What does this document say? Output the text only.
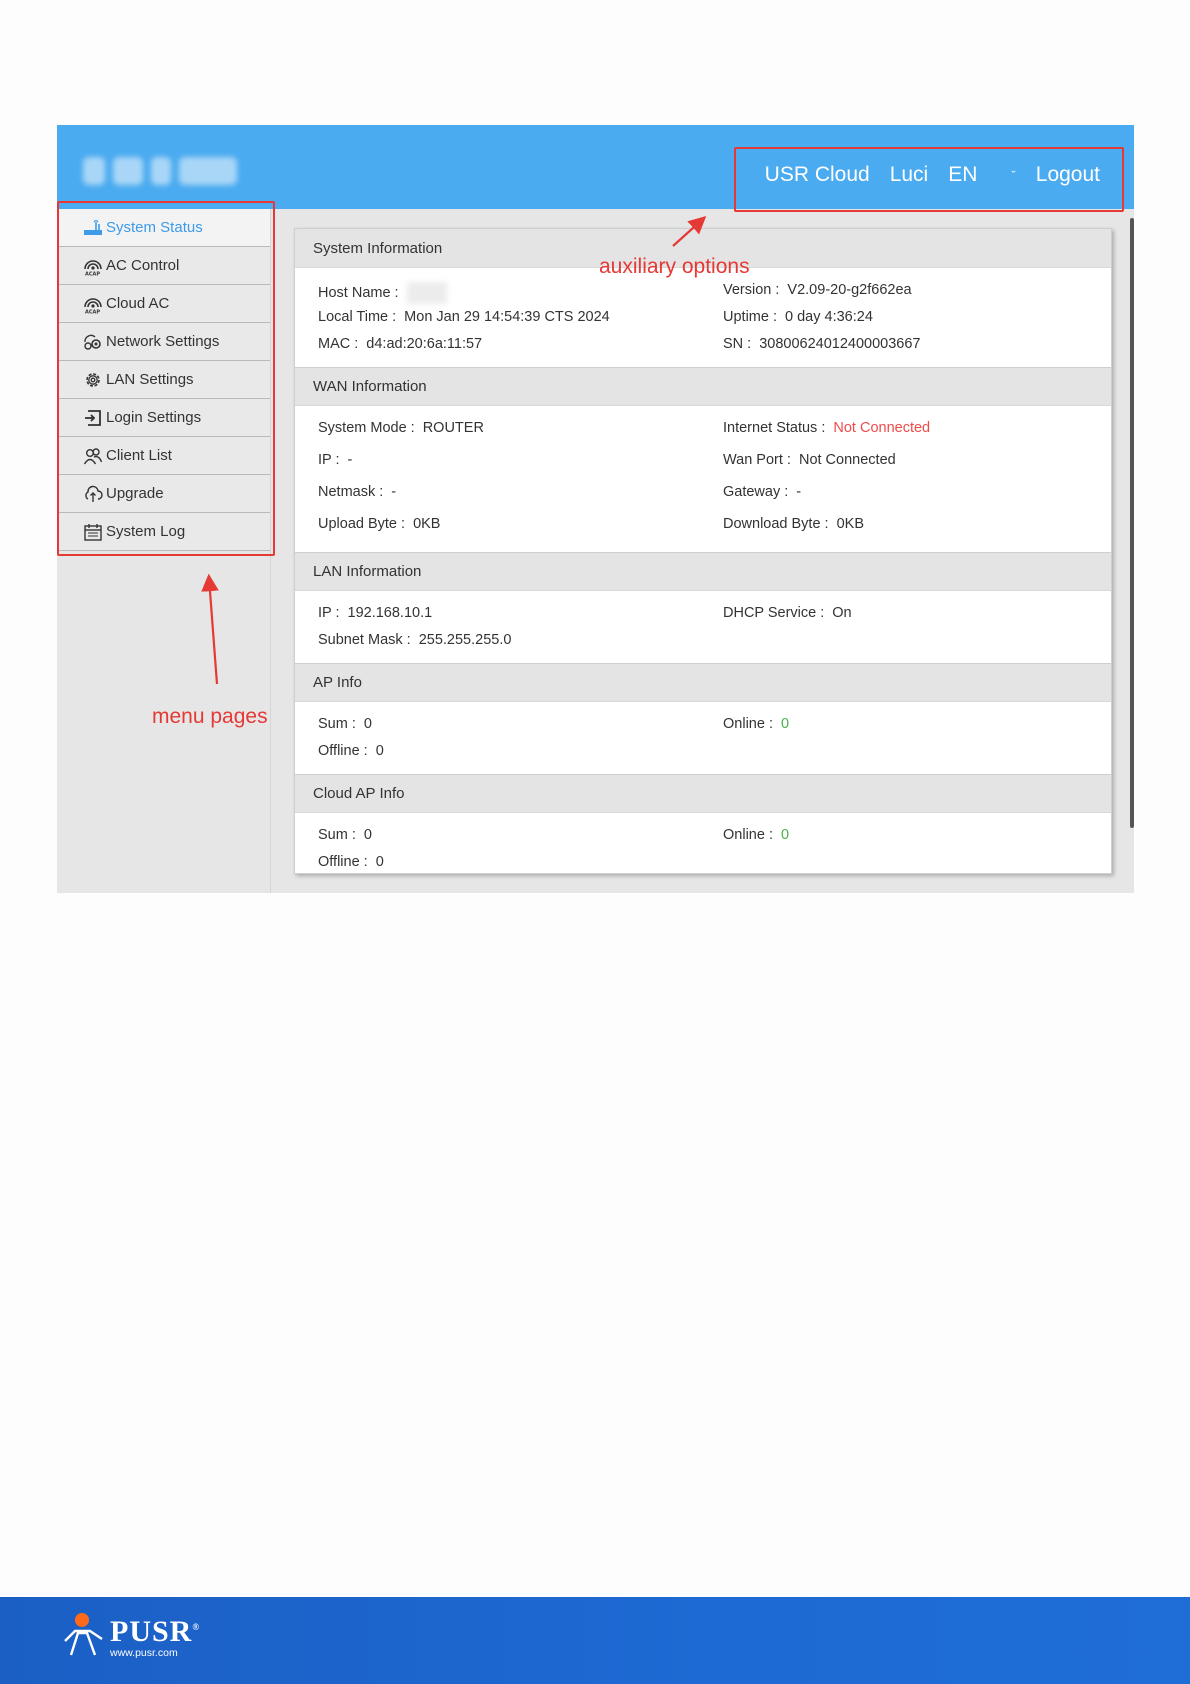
USR Cloud Luci EN	ˇ Logout
System Status
ACAP AC Control
ACAP Cloud AC
Network Settings
LAN Settings
Login Settings
Client List
Upgrade
System Log
System Information
Host Name :	Version : V2.09-20-g2f662ea
Local Time : Mon Jan 29 14:54:39 CTS 2024	Uptime : 0 day 4:36:24
MAC : d4:ad:20:6a:11:57	SN : 30800624012400003667
WAN Information
System Mode : ROUTER	Internet Status : Not Connected
IP : -	Wan Port : Not Connected
Netmask : -	Gateway : -
Upload Byte : 0KB	Download Byte : 0KB
LAN Information
IP : 192.168.10.1	DHCP Service : On
Subnet Mask : 255.255.255.0
AP Info
Sum : 0	Online : 0
Offline : 0
Cloud AP Info
Sum : 0	Online : 0
Offline : 0
auxiliary options
menu pages
PUSR®
www.pusr.com
